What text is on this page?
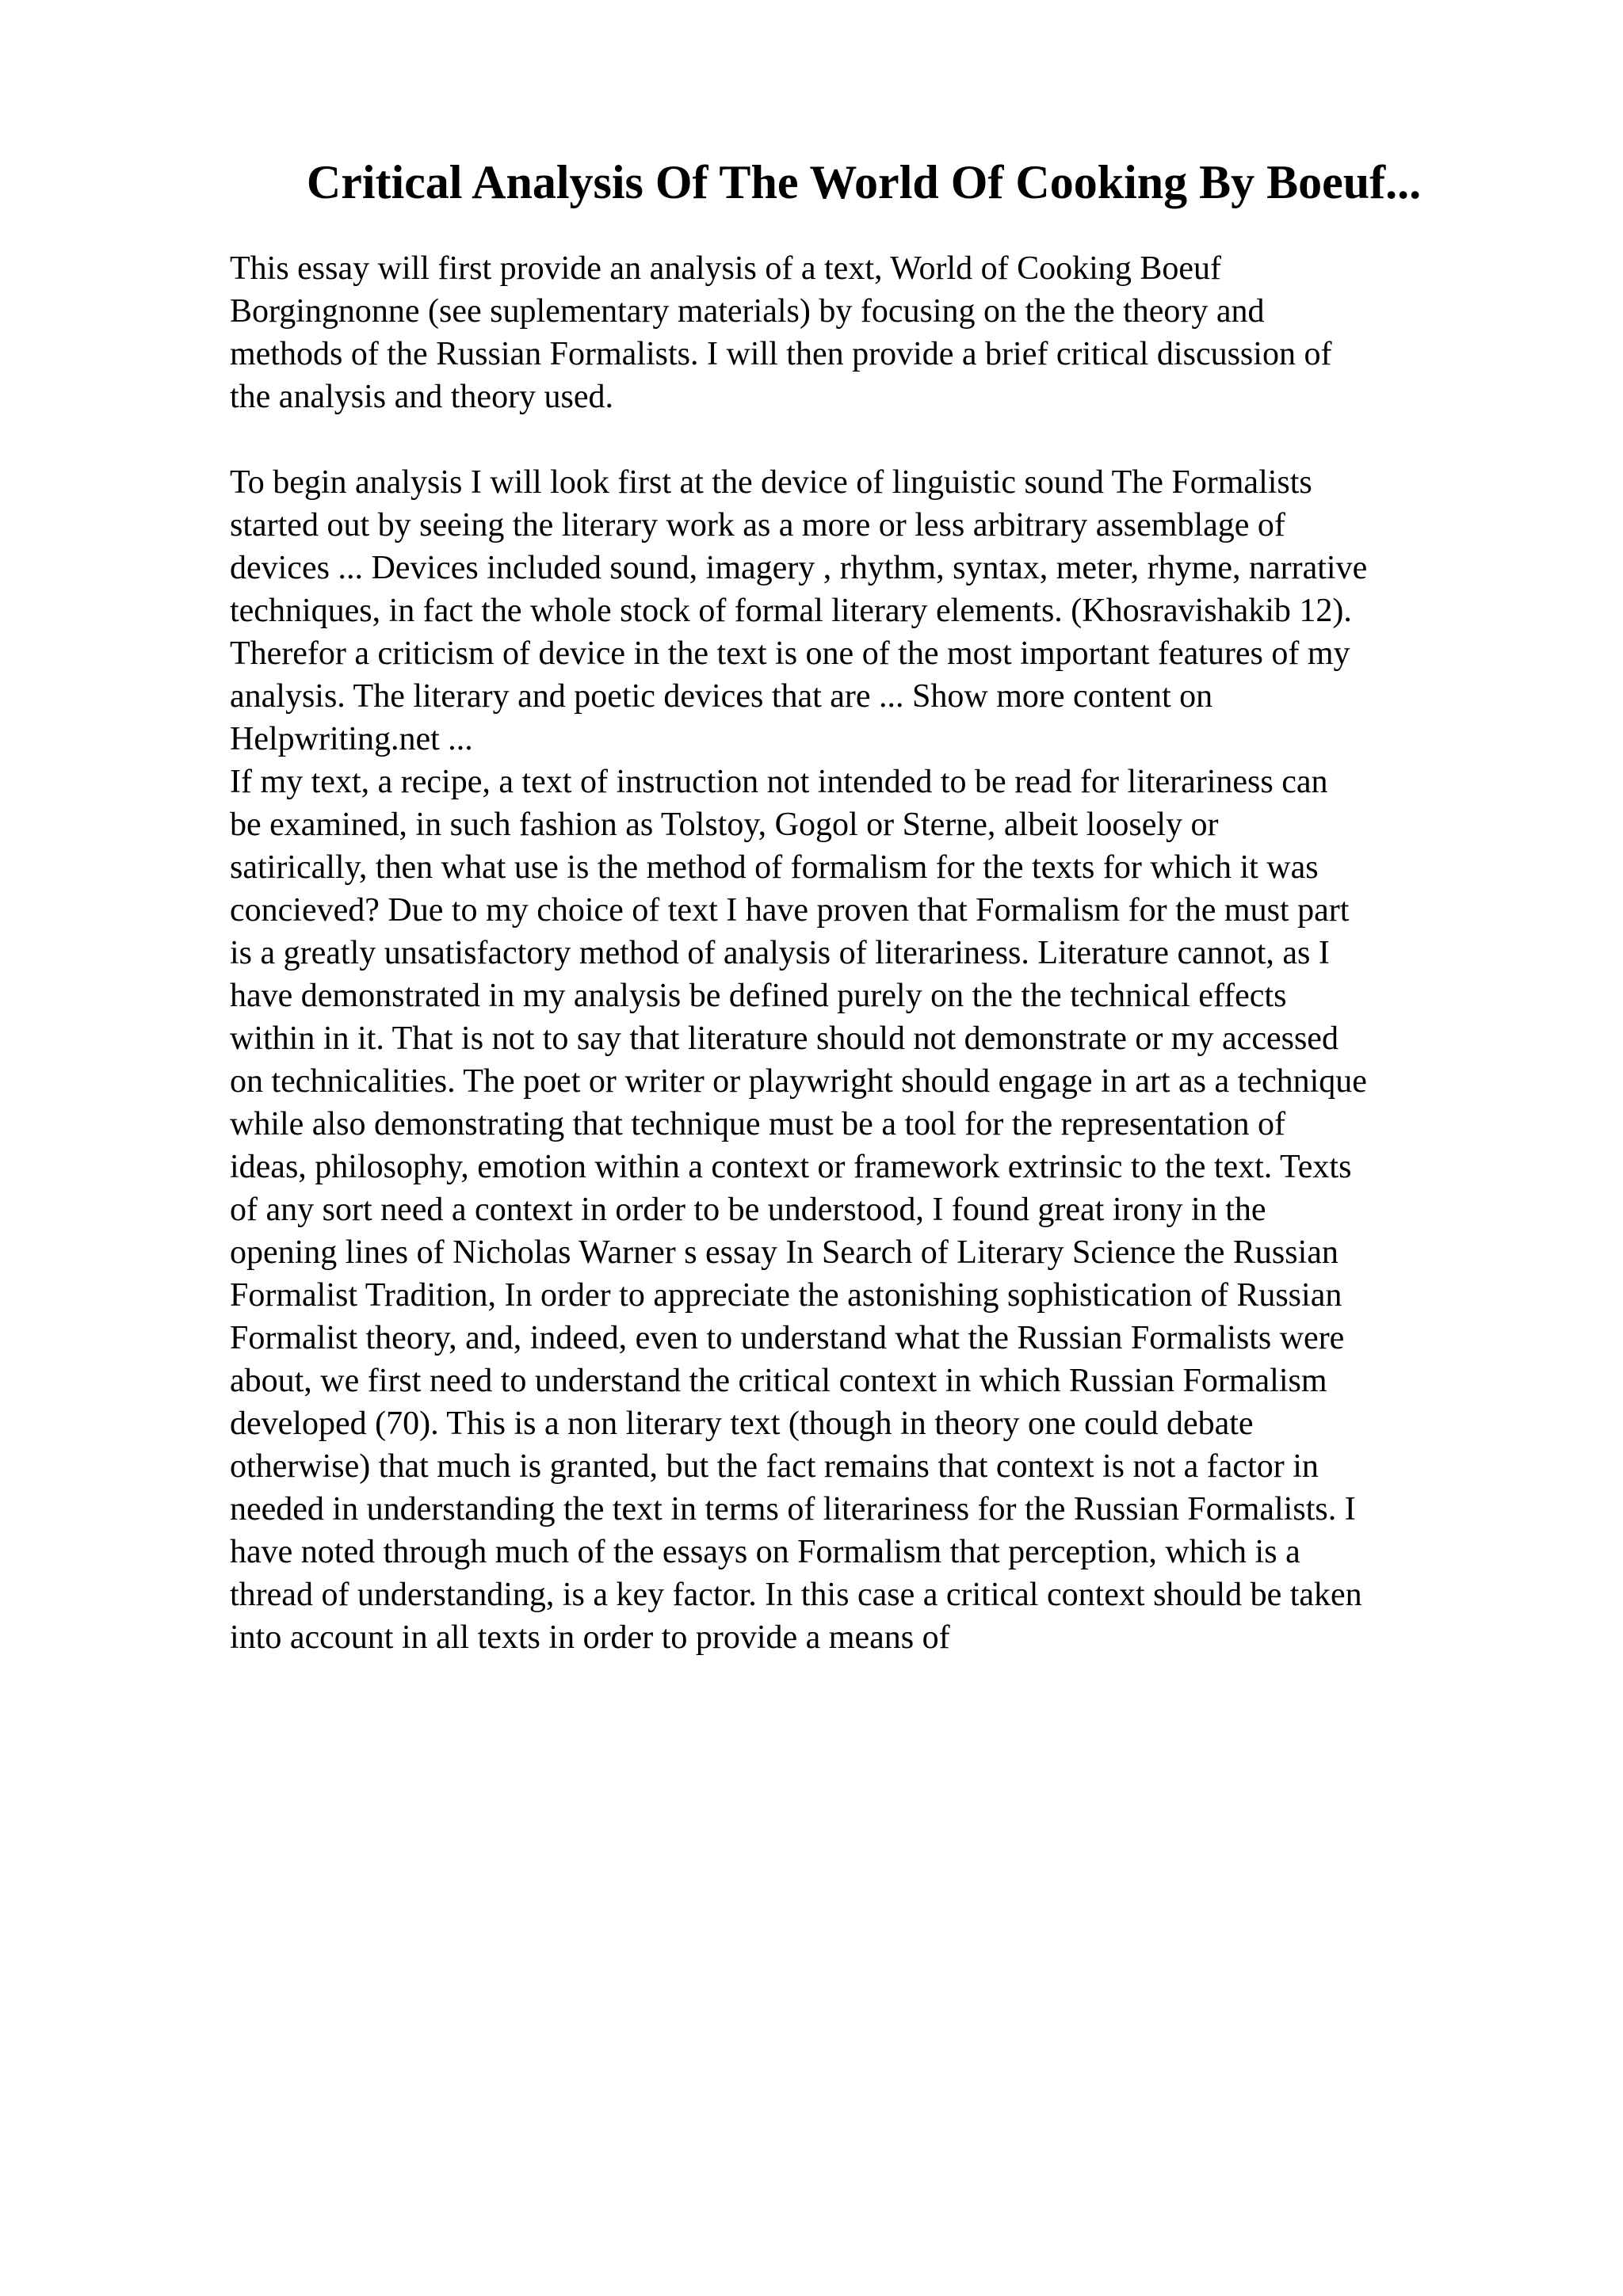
Critical Analysis Of The World Of Cooking By Boeuf...

This essay will first provide an analysis of a text, World of Cooking Boeuf
Borgingnonne (see suplementary materials) by focusing on the the theory and
methods of the Russian Formalists. I will then provide a brief critical discussion of
the analysis and theory used.

To begin analysis I will look first at the device of linguistic sound The Formalists
started out by seeing the literary work as a more or less arbitrary assemblage of
devices ... Devices included sound, imagery , rhythm, syntax, meter, rhyme, narrative
techniques, in fact the whole stock of formal literary elements. (Khosravishakib 12).
Therefor a criticism of device in the text is one of the most important features of my
analysis. The literary and poetic devices that are ... Show more content on
Helpwriting.net ...

If my text, a recipe, a text of instruction not intended to be read for literariness can
be examined, in such fashion as Tolstoy, Gogol or Sterne, albeit loosely or
satirically, then what use is the method of formalism for the texts for which it was
concieved? Due to my choice of text I have proven that Formalism for the must part
is a greatly unsatisfactory method of analysis of literariness. Literature cannot, as I
have demonstrated in my analysis be defined purely on the the technical effects
within in it. That is not to say that literature should not demonstrate or my accessed
on technicalities. The poet or writer or playwright should engage in art as a technique
while also demonstrating that technique must be a tool for the representation of
ideas, philosophy, emotion within a context or framework extrinsic to the text. Texts
of any sort need a context in order to be understood, I found great irony in the
opening lines of Nicholas Warner s essay In Search of Literary Science the Russian
Formalist Tradition, In order to appreciate the astonishing sophistication of Russian
Formalist theory, and, indeed, even to understand what the Russian Formalists were
about, we first need to understand the critical context in which Russian Formalism
developed (70). This is a non literary text (though in theory one could debate
otherwise) that much is granted, but the fact remains that context is not a factor in
needed in understanding the text in terms of literariness for the Russian Formalists. I
have noted through much of the essays on Formalism that perception, which is a
thread of understanding, is a key factor. In this case a critical context should be taken
into account in all texts in order to provide a means of
